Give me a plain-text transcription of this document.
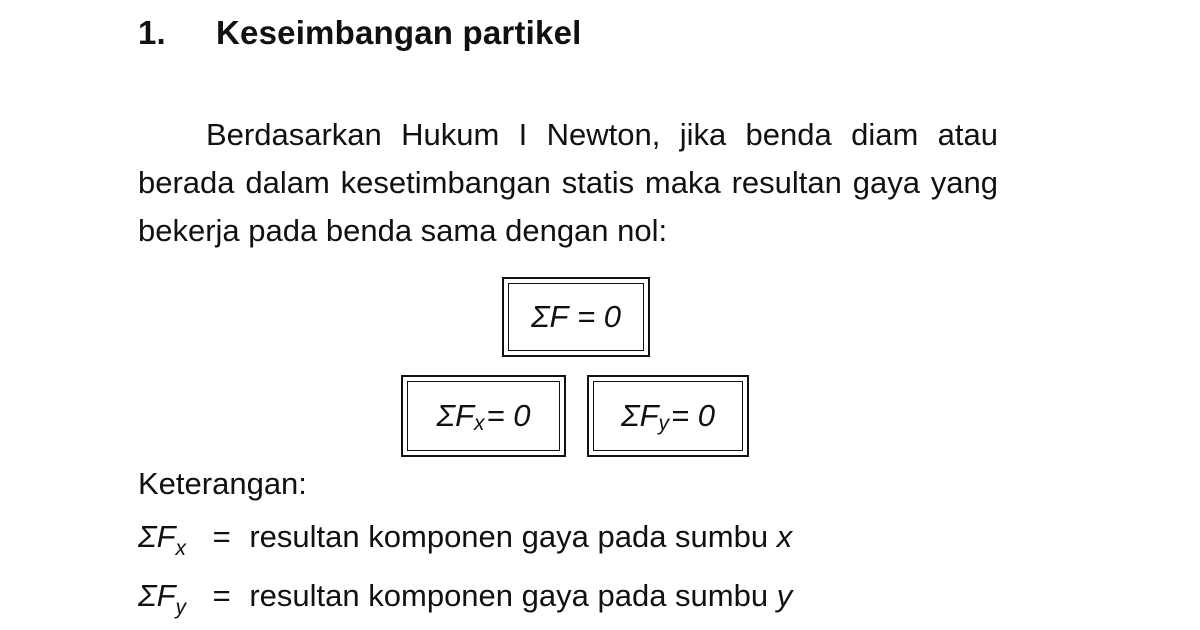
1. Keseimbangan partikel

Berdasarkan Hukum I Newton, jika benda diam atau berada dalam kesetimbangan statis maka resultan gaya yang bekerja pada benda sama dengan nol:

ΣF
= 0
ΣF x = 0	ΣF y = 0
Keterangan:
$\Sigma F_x$ = resultan komponen gaya pada sumbu x
$\Sigma F_y$ = resultan komponen gaya pada sumbu y
